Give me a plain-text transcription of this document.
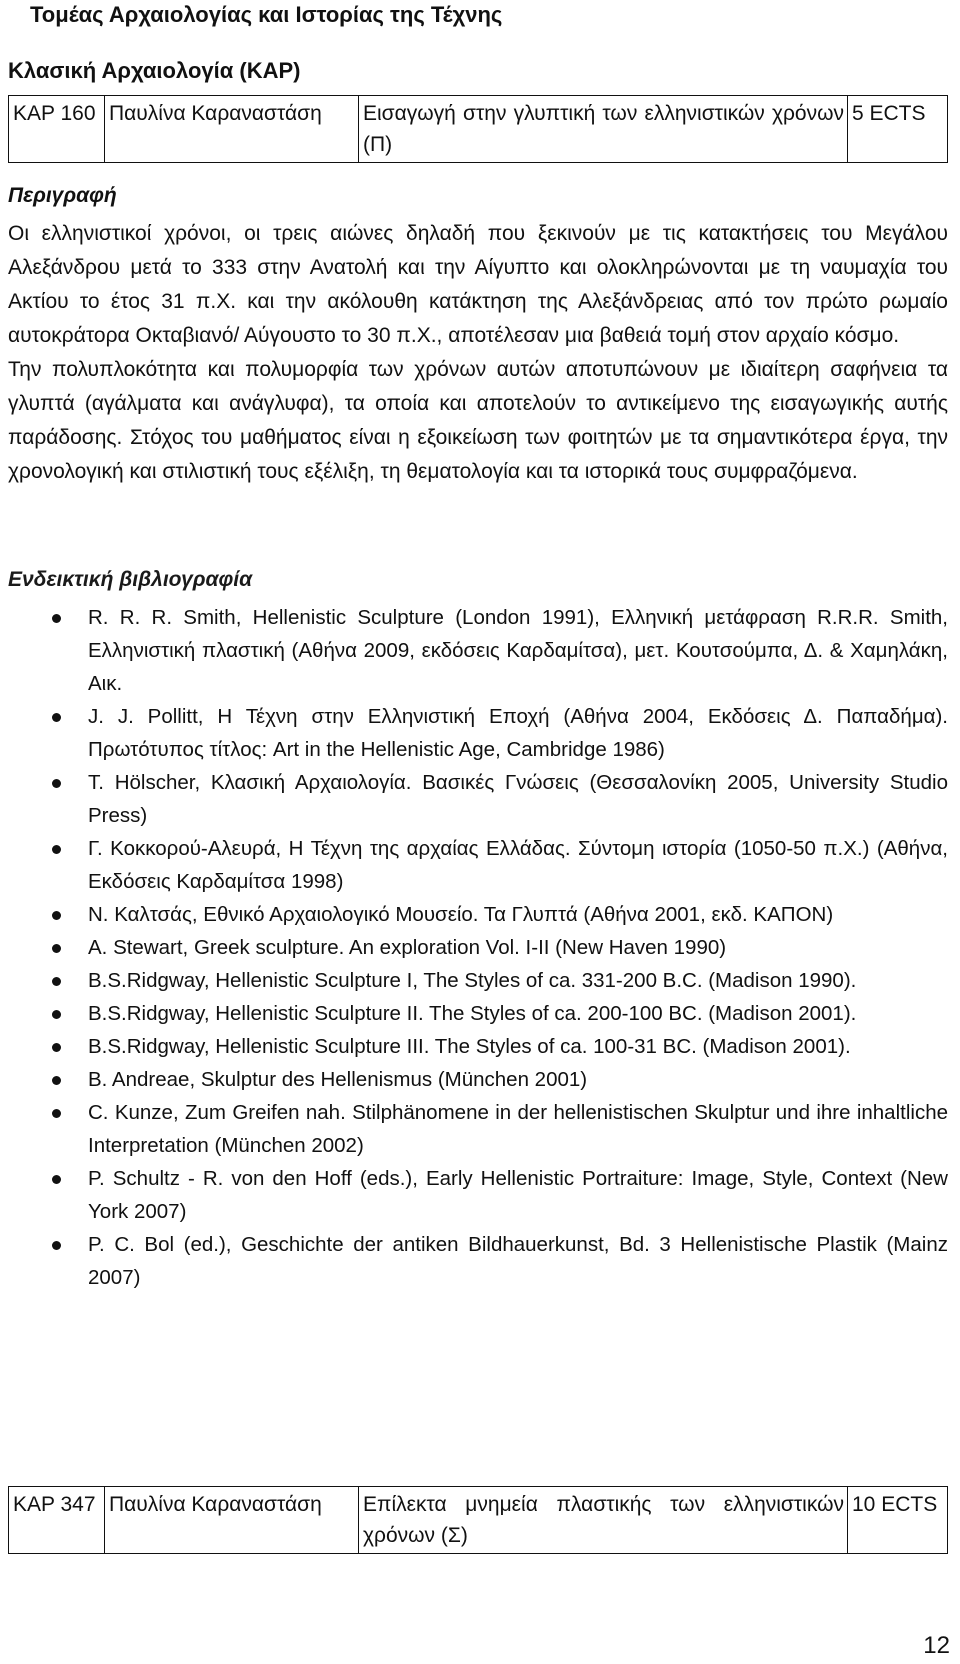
Τομέας Αρχαιολογίας και Ιστορίας της Τέχνης
Κλασική Αρχαιολογία (ΚΑΡ)
ΚΑΡ 160	Παυλίνα Καραναστάση	Εισαγωγή στην γλυπτική των ελληνιστικών χρόνων (Π)	5 ECTS
Περιγραφή

Οι ελληνιστικοί χρόνοι, οι τρεις αιώνες δηλαδή που ξεκινούν με τις κατακτήσεις του Μεγάλου Αλεξάνδρου μετά το 333 στην Ανατολή και την Αίγυπτο και ολοκληρώνονται με τη ναυμαχία του Ακτίου το έτος 31 π.Χ. και την ακόλουθη κατάκτηση της Αλεξάνδρειας από τον πρώτο ρωμαίο αυτοκράτορα Οκταβιανό/ Αύγουστο το 30 π.Χ., αποτέλεσαν μια βαθειά τομή στον αρχαίο κόσμο.

Την πολυπλοκότητα και πολυμορφία των χρόνων αυτών αποτυπώνουν με ιδιαίτερη σαφήνεια τα γλυπτά (αγάλματα και ανάγλυφα), τα οποία και αποτελούν το αντικείμενο της εισαγωγικής αυτής παράδοσης. Στόχος του μαθήματος είναι η εξοικείωση των φοιτητών με τα σημαντικότερα έργα, την χρονολογική και στιλιστική τους εξέλιξη, τη θεματολογία και τα ιστορικά τους συμφραζόμενα.

Ενδεικτική βιβλιογραφία
R. R. R. Smith, Hellenistic Sculpture (London 1991), Ελληνική μετάφραση R.R.R. Smith, Ελληνιστική πλαστική (Αθήνα 2009, εκδόσεις Καρδαμίτσα), μετ. Κουτσούμπα, Δ. & Χαμηλάκη, Αικ.
J. J. Pollitt, Η Τέχνη στην Ελληνιστική Εποχή (Αθήνα 2004, Εκδόσεις Δ. Παπαδήμα). Πρωτότυπος τίτλος: Art in the Hellenistic Age, Cambridge 1986)
T. Hölscher, Κλασική Αρχαιολογία. Βασικές Γνώσεις (Θεσσαλονίκη 2005, University Studio Press)
Γ. Κοκκορού-Αλευρά, Η Τέχνη της αρχαίας Ελλάδας. Σύντομη ιστορία (1050-50 π.Χ.) (Αθήνα, Εκδόσεις Καρδαμίτσα 1998)
Ν. Καλτσάς, Εθνικό Αρχαιολογικό Μουσείο. Τα Γλυπτά (Αθήνα 2001, εκδ. ΚΑΠΟΝ)
A. Stewart, Greek sculpture. An exploration Vol. I-II (New Haven 1990)
B.S.Ridgway, Hellenistic Sculpture I, The Styles of ca. 331-200 B.C. (Madison 1990).
B.S.Ridgway, Hellenistic Sculpture II. The Styles of ca. 200-100 BC. (Madison 2001).
B.S.Ridgway, Hellenistic Sculpture III. The Styles of ca. 100-31 BC. (Madison 2001).
B. Andreae, Skulptur des Hellenismus (München 2001)
C. Kunze, Zum Greifen nah. Stilphänomene in der hellenistischen Skulptur und ihre inhaltliche Interpretation (München 2002)
P. Schultz - R. von den Hoff (eds.), Early Hellenistic Portraiture: Image, Style, Context (New York 2007)
P. C. Bol (ed.), Geschichte der antiken Bildhauerkunst, Bd. 3 Hellenistische Plastik (Mainz 2007)
ΚΑΡ 347	Παυλίνα Καραναστάση	Επίλεκτα μνημεία πλαστικής των ελληνιστικών χρόνων (Σ)	10 ECTS
12
